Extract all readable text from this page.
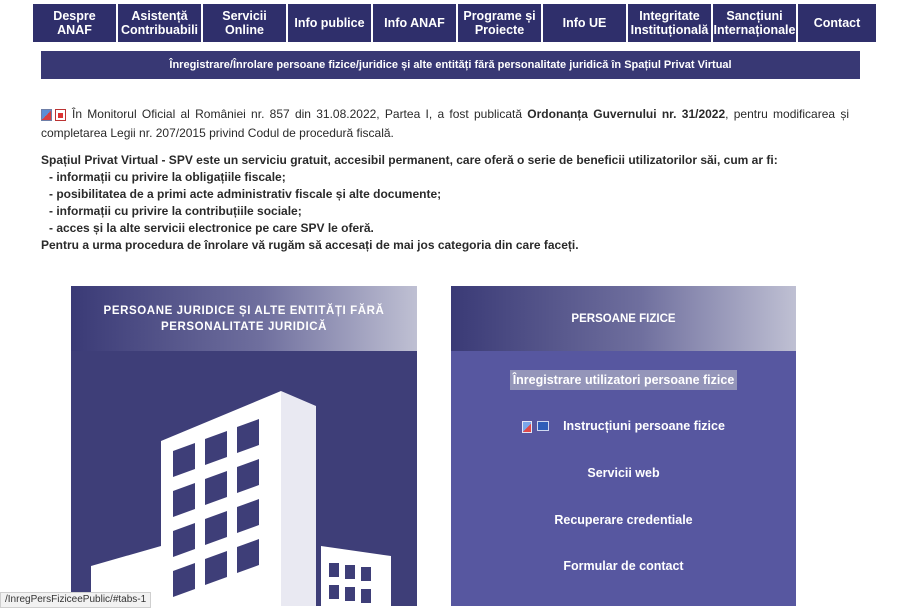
Despre ANAF
Asistență
Contribuabili
Servicii
Online	Info publice	Info ANAF	Programe și
Proiecte	Info UE	Integritate
Instituțională
Sancțiuni
Internaționale	Contact
Înregistrare/Înrolare persoane fizice/juridice și alte entități fără personalitate juridică în Spațiul Privat Virtual
În Monitorul Oficial al României nr. 857 din 31.08.2022, Partea I, a fost publicată Ordonanța Guvernului nr. 31/2022, pentru modificarea și completarea Legii nr. 207/2015 privind Codul de procedură fiscală.
Spațiul Privat Virtual - SPV este un serviciu gratuit, accesibil permanent, care oferă o serie de beneficii utilizatorilor săi, cum ar fi:
- informații cu privire la obligațiile fiscale;
- posibilitatea de a primi acte administrativ fiscale și alte documente;
- informații cu privire la contribuțiile sociale;
- acces și la alte servicii electronice pe care SPV le oferă.
Pentru a urma procedura de înrolare vă rugăm să accesați de mai jos categoria din care faceți.
PERSOANE JURIDICE ȘI ALTE ENTITĂȚI FĂRĂ PERSONALITATE JURIDICĂ
PERSOANE FIZICE
Înregistrare utilizatori persoane fizice
Instrucțiuni persoane fizice
Servicii web
Recuperare credentiale
Formular de contact
/InregPersFiziceePublic/#tabs-1
